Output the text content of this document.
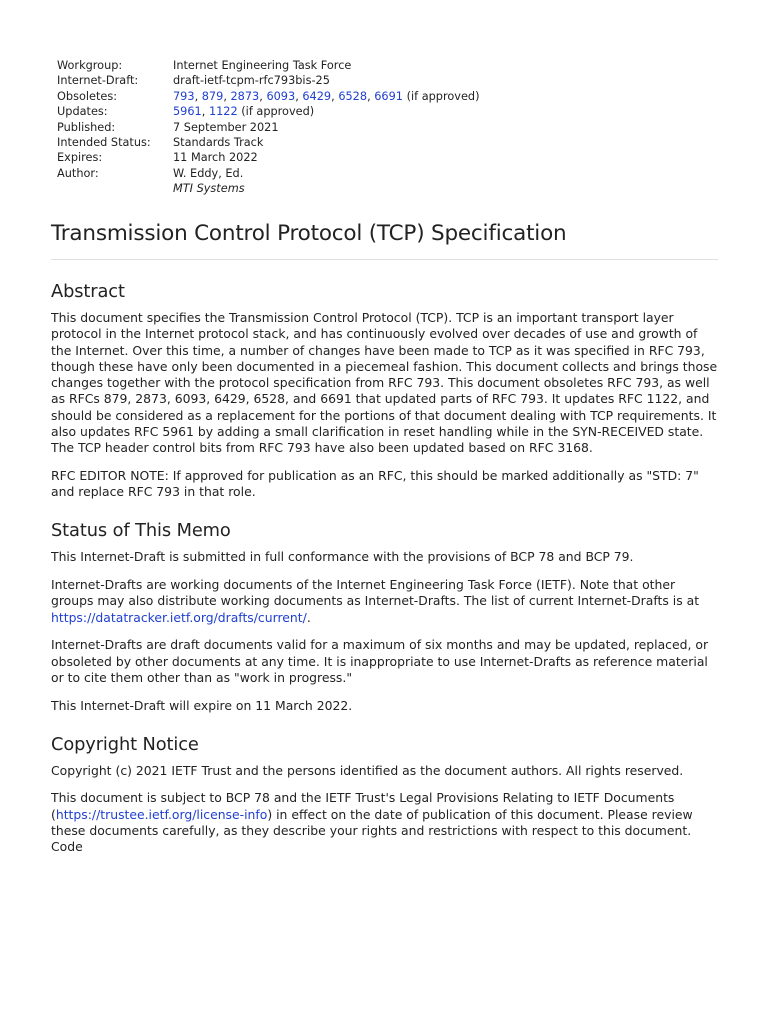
Workgroup:	Internet Engineering Task Force
Internet-Draft:	draft-ietf-tcpm-rfc793bis-25
Obsoletes:	793, 879, 2873, 6093, 6429, 6528, 6691 (if approved)
Updates:	5961, 1122 (if approved)
Published:	7 September 2021
Intended Status:	Standards Track
Expires:	11 March 2022
Author:	W. Eddy, Ed.
MTI Systems
Transmission Control Protocol (TCP) Specification
Abstract

This document specifies the Transmission Control Protocol (TCP). TCP is an important transport layer protocol in the Internet protocol stack, and has continuously evolved over decades of use and growth of the Internet. Over this time, a number of changes have been made to TCP as it was specified in RFC 793, though these have only been documented in a piecemeal fashion. This document collects and brings those changes together with the protocol specification from RFC 793. This document obsoletes RFC 793, as well as RFCs 879, 2873, 6093, 6429, 6528, and 6691 that updated parts of RFC 793. It updates RFC 1122, and should be considered as a replacement for the portions of that document dealing with TCP requirements. It also updates RFC 5961 by adding a small clarification in reset handling while in the SYN-RECEIVED state. The TCP header control bits from RFC 793 have also been updated based on RFC 3168.

RFC EDITOR NOTE: If approved for publication as an RFC, this should be marked additionally as "STD: 7" and replace RFC 793 in that role.

Status of This Memo

This Internet-Draft is submitted in full conformance with the provisions of BCP 78 and BCP 79.

Internet-Drafts are working documents of the Internet Engineering Task Force (IETF). Note that other groups may also distribute working documents as Internet-Drafts. The list of current Internet-Drafts is at https://datatracker.ietf.org/drafts/current/.

Internet-Drafts are draft documents valid for a maximum of six months and may be updated, replaced, or obsoleted by other documents at any time. It is inappropriate to use Internet-Drafts as reference material or to cite them other than as "work in progress."

This Internet-Draft will expire on 11 March 2022.

Copyright Notice

Copyright (c) 2021 IETF Trust and the persons identified as the document authors. All rights reserved.

This document is subject to BCP 78 and the IETF Trust's Legal Provisions Relating to IETF Documents (https://trustee.ietf.org/license-info) in effect on the date of publication of this document. Please review these documents carefully, as they describe your rights and restrictions with respect to this document. Code
